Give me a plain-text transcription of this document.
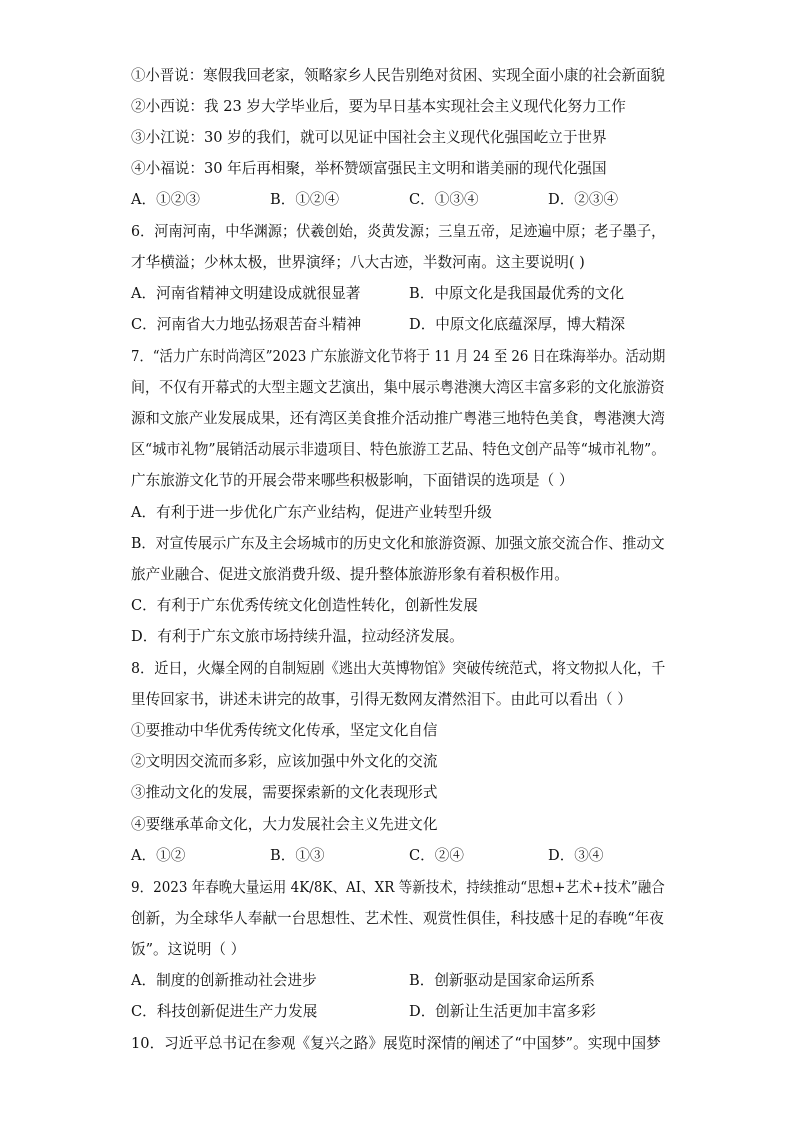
①小晋说：寒假我回老家，领略家乡人民告别绝对贫困、实现全面小康的社会新面貌
②小西说：我 23 岁大学毕业后，要为早日基本实现社会主义现代化努力工作
③小江说：30 岁的我们，就可以见证中国社会主义现代化强国屹立于世界
④小福说：30 年后再相聚，举杯赞颂富强民主文明和谐美丽的现代化强国
A．①②③	B．①②④	C．①③④	D．②③④
6．河南河南，中华渊源；伏羲创始，炎黄发源；三皇五帝，足迹遍中原；老子墨子，
才华横溢；少林太极，世界演绎；八大古迹，半数河南。这主要说明( )
A．河南省精神文明建设成就很显著	B．中原文化是我国最优秀的文化
C．河南省大力地弘扬艰苦奋斗精神	D．中原文化底蕴深厚，博大精深
7．“活力广东时尚湾区”2023 广东旅游文化节将于 11 月 24 至 26 日在珠海举办。活动期
间，不仅有开幕式的大型主题文艺演出，集中展示粤港澳大湾区丰富多彩的文化旅游资
源和文旅产业发展成果，还有湾区美食推介活动推广粤港三地特色美食，粤港澳大湾
区“城市礼物”展销活动展示非遗项目、特色旅游工艺品、特色文创产品等“城市礼物”。
广东旅游文化节的开展会带来哪些积极影响，下面错误的选项是（ ）
A．有利于进一步优化广东产业结构，促进产业转型升级
B．对宣传展示广东及主会场城市的历史文化和旅游资源、加强文旅交流合作、推动文
旅产业融合、促进文旅消费升级、提升整体旅游形象有着积极作用。
C．有利于广东优秀传统文化创造性转化，创新性发展
D．有利于广东文旅市场持续升温，拉动经济发展。
8．近日，火爆全网的自制短剧《逃出大英博物馆》突破传统范式，将文物拟人化，千
里传回家书，讲述未讲完的故事，引得无数网友潸然泪下。由此可以看出（ ）
①要推动中华优秀传统文化传承，坚定文化自信
②文明因交流而多彩，应该加强中外文化的交流
③推动文化的发展，需要探索新的文化表现形式
④要继承革命文化，大力发展社会主义先进文化
A．①②	B．①③	C．②④	D．③④
9．2023 年春晚大量运用 4K/8K、AI、XR 等新技术，持续推动“思想+艺术+技术”融合
创新，为全球华人奉献一台思想性、艺术性、观赏性俱佳，科技感十足的春晚“年夜
饭”。这说明（ ）
A．制度的创新推动社会进步	B．创新驱动是国家命运所系
C．科技创新促进生产力发展	D．创新让生活更加丰富多彩
10．习近平总书记在参观《复兴之路》展览时深情的阐述了“中国梦”。实现中国梦
